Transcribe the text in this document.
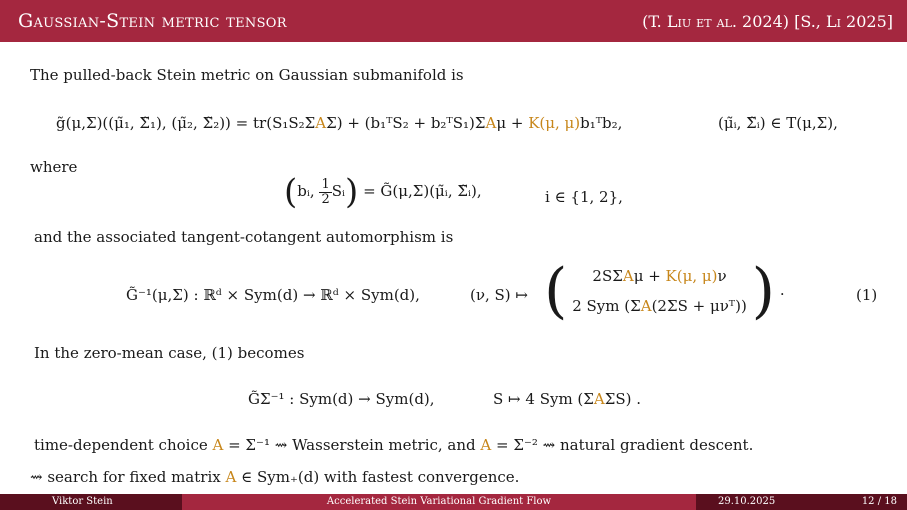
Gaussian-Stein metric tensor	(T. Liu et al. 2024) [S., Li 2025]
The pulled-back Stein metric on Gaussian submanifold is
g̃(μ,Σ)((μ̃₁, Σ̃₁), (μ̃₂, Σ̃₂)) = tr(S₁S₂ΣAΣ) + (b₁ᵀS₂ + b₂ᵀS₁)ΣAμ + K(μ, μ)b₁ᵀb₂,	(μ̃ᵢ, Σ̃ᵢ) ∈ T(μ,Σ),
where
(bᵢ, $\frac{1}{2}$ Sᵢ) = G̃(μ,Σ)(μ̃ᵢ, Σ̃ᵢ),	i ∈ {1, 2},
and the associated tangent-cotangent automorphism is
G̃⁻¹(μ,Σ) : ℝᵈ × Sym(d) → ℝᵈ × Sym(d),	(ν, S) ↦ (	2SΣAμ + K(μ, μ)ν
2 Sym (ΣA(2ΣS + μνᵀ)) ) .	(1)
In the zero-mean case, (1) becomes
G̃Σ⁻¹ : Sym(d) → Sym(d),	S ↦ 4 Sym (ΣAΣS) .
time-dependent choice A = Σ⁻¹ ⇝ Wasserstein metric, and A = Σ⁻² ⇝ natural gradient descent.
⇝ search for fixed matrix A ∈ Sym₊(d) with fastest convergence.
Viktor Stein	Accelerated Stein Variational Gradient Flow	29.10.2025	12 / 18
